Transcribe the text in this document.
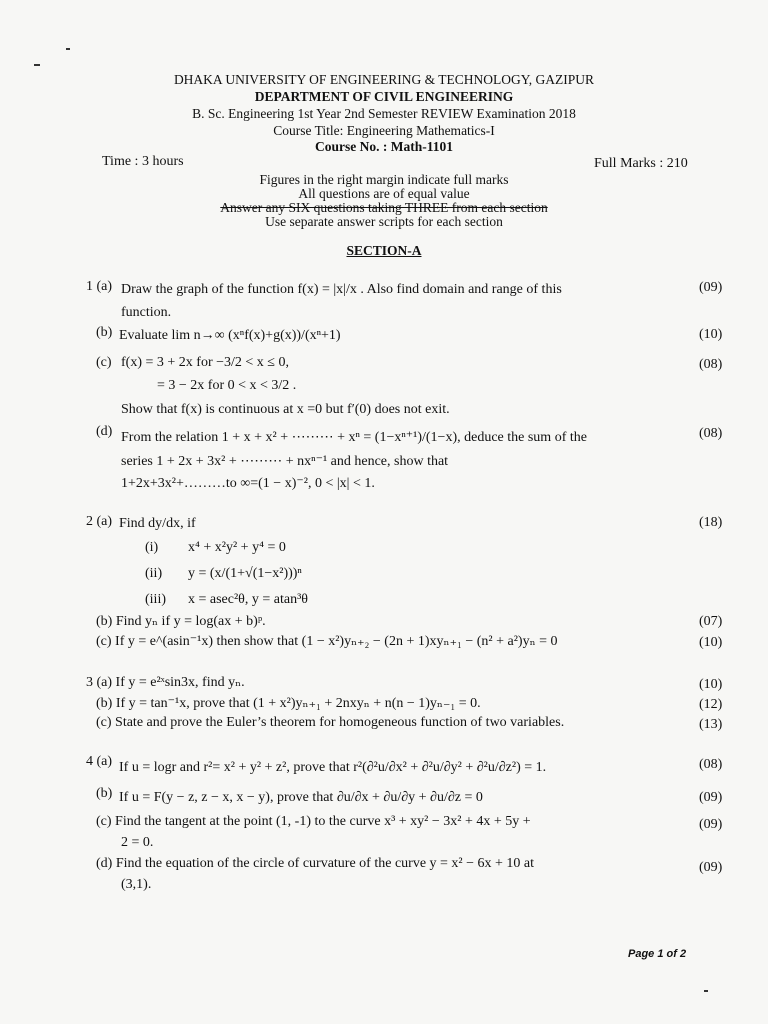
DHAKA UNIVERSITY OF ENGINEERING & TECHNOLOGY, GAZIPUR
DEPARTMENT OF CIVIL ENGINEERING
B. Sc. Engineering 1st Year 2nd Semester REVIEW Examination 2018
Course Title: Engineering Mathematics-I
Course No. : Math-1101
Time : 3 hours	Full Marks : 210
Figures in the right margin indicate full marks
All questions are of equal value
Answer any SIX questions taking THREE from each section
Use separate answer scripts for each section
SECTION-A
1 (a) Draw the graph of the function f(x) = |x|/x . Also find domain and range of this	(09)
function.
(b) Evaluate lim n→∞ (xⁿf(x)+g(x))/(xⁿ+1)	(10)
(c) f(x) = 3 + 2x for −3/2 < x ≤ 0,	(08)
= 3 − 2x for 0 < x < 3/2 .
Show that f(x) is continuous at x =0 but f′(0) does not exit.
(d) From the relation 1 + x + x² + ⋯⋯⋯ + xⁿ = (1−xⁿ⁺¹)/(1−x), deduce the sum of the	(08)
series 1 + 2x + 3x² + ⋯⋯⋯ + nxⁿ⁻¹ and hence, show that
1+2x+3x²+………to ∞=(1 − x)⁻², 0 < |x| < 1.
2 (a) Find dy/dx, if	(18)
(i) x⁴ + x²y² + y⁴ = 0
(ii) y = (x/(1+√(1−x²)))ⁿ
(iii) x = asec²θ, y = atan³θ
(b) Find yₙ if y = log(ax + b)ᵖ.	(07)
(c) If y = e^(asin⁻¹x) then show that (1 − x²)yₙ₊₂ − (2n + 1)xyₙ₊₁ − (n² + a²)yₙ = 0	(10)
3 (a) If y = e²ˣsin3x, find yₙ.	(10)
(b) If y = tan⁻¹x, prove that (1 + x²)yₙ₊₁ + 2nxyₙ + n(n − 1)yₙ₋₁ = 0.	(12)
(c) State and prove the Euler’s theorem for homogeneous function of two variables.	(13)
4 (a) If u = logr and r²= x² + y² + z², prove that r²(∂²u/∂x² + ∂²u/∂y² + ∂²u/∂z²) = 1.	(08)
(b) If u = F(y − z, z − x, x − y), prove that ∂u/∂x + ∂u/∂y + ∂u/∂z = 0	(09)
(c) Find the tangent at the point (1, -1) to the curve x³ + xy² − 3x² + 4x + 5y +	(09)
2 = 0.
(d) Find the equation of the circle of curvature of the curve y = x² − 6x + 10 at	(09)
(3,1).
Page 1 of 2
